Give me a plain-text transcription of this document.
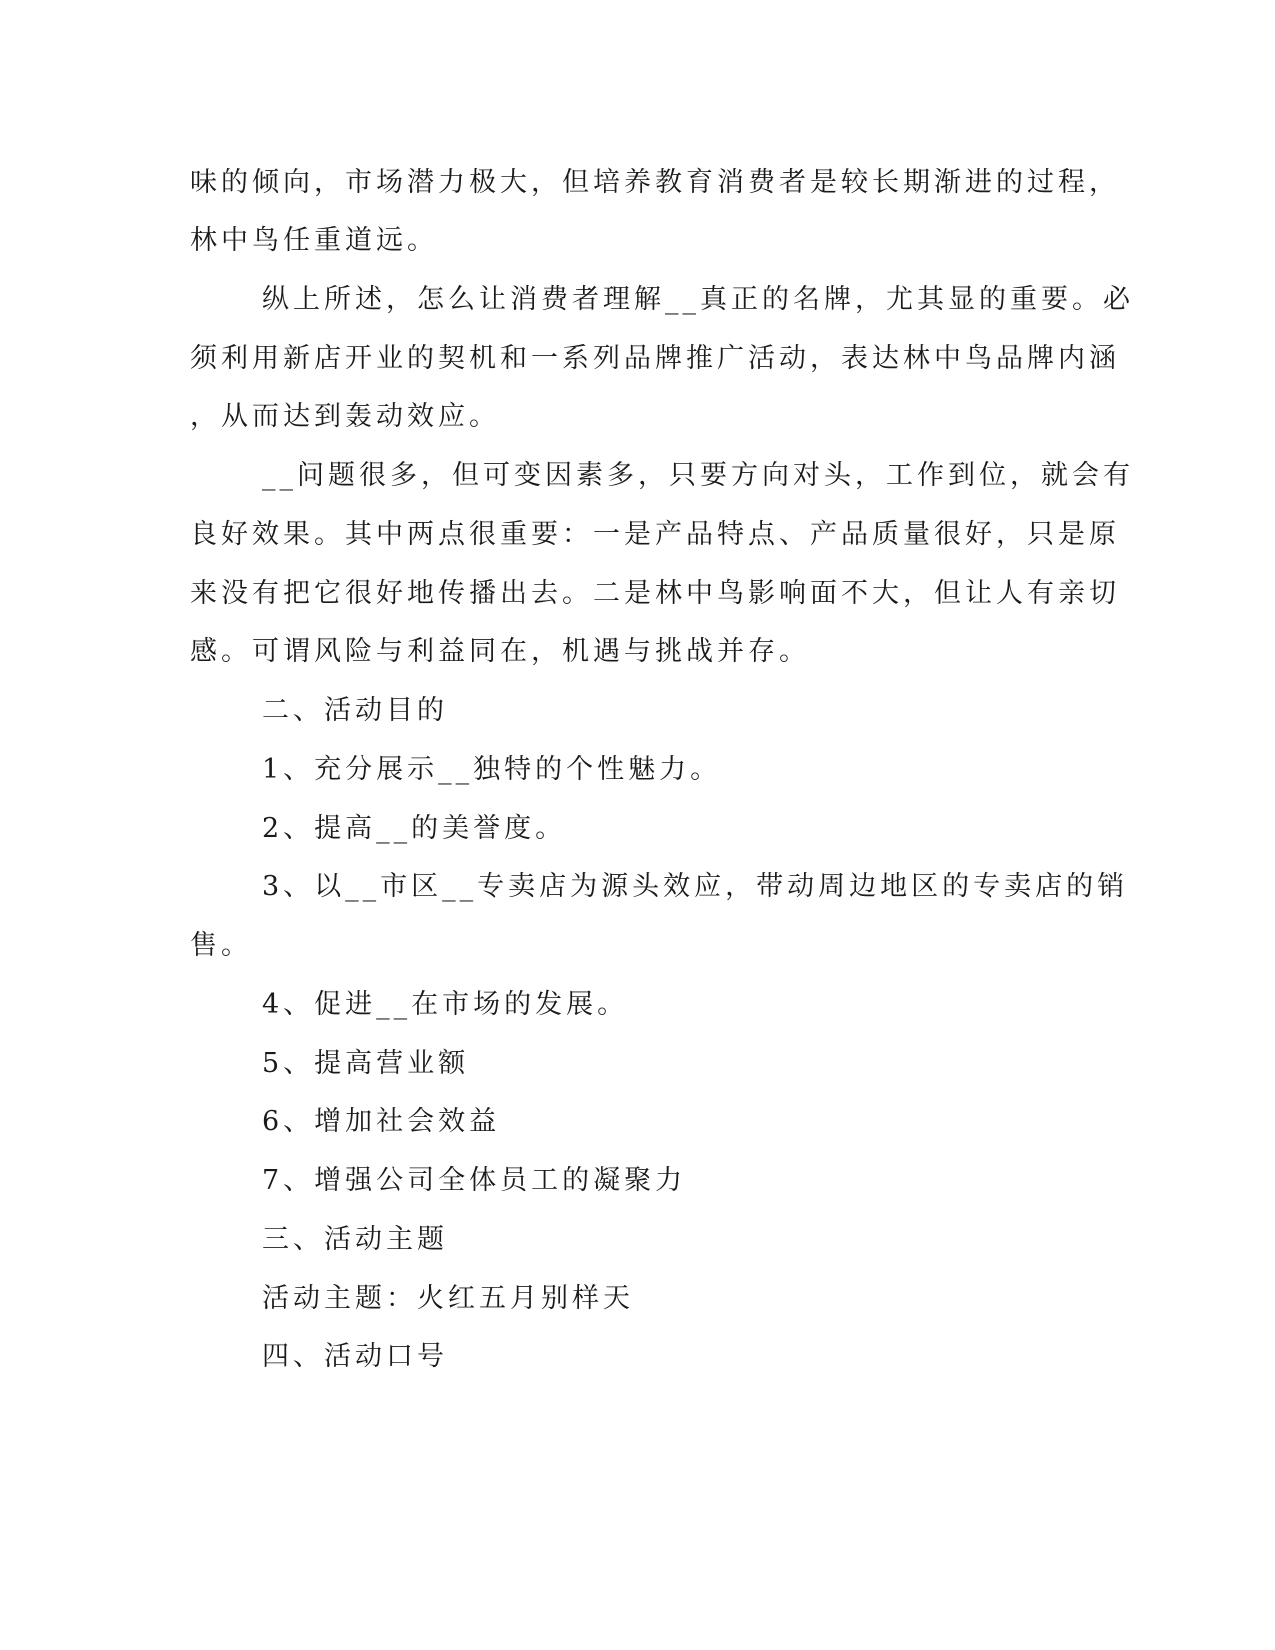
味的倾向，市场潜力极大，但培养教育消费者是较长期渐进的过程，
林中鸟任重道远。
纵上所述，怎么让消费者理解__真正的名牌，尤其显的重要。必
须利用新店开业的契机和一系列品牌推广活动，表达林中鸟品牌内涵
，从而达到轰动效应。
__问题很多，但可变因素多，只要方向对头，工作到位，就会有
良好效果。其中两点很重要：一是产品特点、产品质量很好，只是原
来没有把它很好地传播出去。二是林中鸟影响面不大，但让人有亲切
感。可谓风险与利益同在，机遇与挑战并存。
二、活动目的
1、充分展示__独特的个性魅力。
2、提高__的美誉度。
3、以__市区__专卖店为源头效应，带动周边地区的专卖店的销
售。
4、促进__在市场的发展。
5、提高营业额
6、增加社会效益
7、增强公司全体员工的凝聚力
三、活动主题
活动主题：火红五月别样天
四、活动口号
